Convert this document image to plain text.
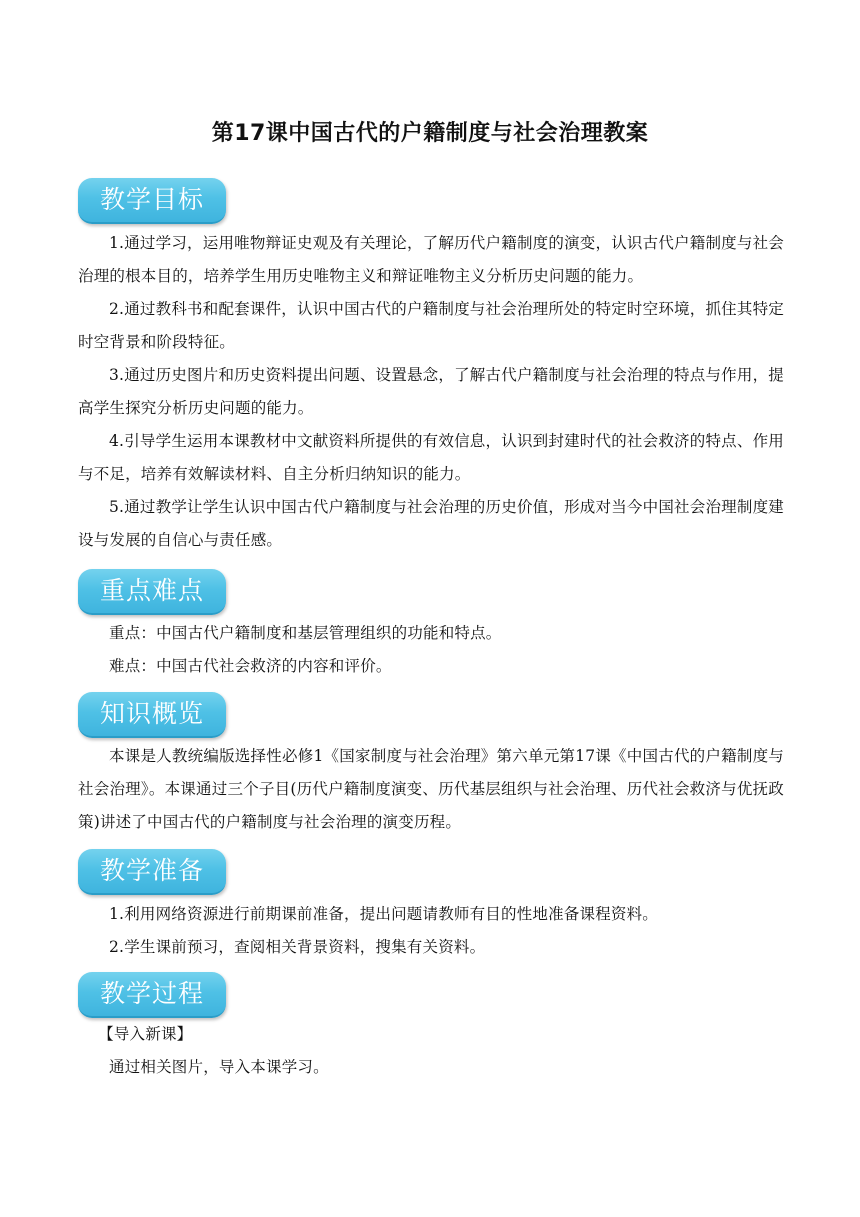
第17课中国古代的户籍制度与社会治理教案
教学目标

1.通过学习，运用唯物辩证史观及有关理论，了解历代户籍制度的演变，认识古代户籍制度与社会治理的根本目的，培养学生用历史唯物主义和辩证唯物主义分析历史问题的能力。

2.通过教科书和配套课件，认识中国古代的户籍制度与社会治理所处的特定时空环境，抓住其特定时空背景和阶段特征。

3.通过历史图片和历史资料提出问题、设置悬念，了解古代户籍制度与社会治理的特点与作用，提高学生探究分析历史问题的能力。

4.引导学生运用本课教材中文献资料所提供的有效信息，认识到封建时代的社会救济的特点、作用与不足，培养有效解读材料、自主分析归纳知识的能力。

5.通过教学让学生认识中国古代户籍制度与社会治理的历史价值，形成对当今中国社会治理制度建设与发展的自信心与责任感。

重点难点

重点：中国古代户籍制度和基层管理组织的功能和特点。

难点：中国古代社会救济的内容和评价。

知识概览

本课是人教统编版选择性必修1《国家制度与社会治理》第六单元第17课《中国古代的户籍制度与社会治理》。本课通过三个子目(历代户籍制度演变、历代基层组织与社会治理、历代社会救济与优抚政策)讲述了中国古代的户籍制度与社会治理的演变历程。

教学准备

1.利用网络资源进行前期课前准备，提出问题请教师有目的性地准备课程资料。

2.学生课前预习，查阅相关背景资料，搜集有关资料。

教学过程

【导入新课】

通过相关图片，导入本课学习。
